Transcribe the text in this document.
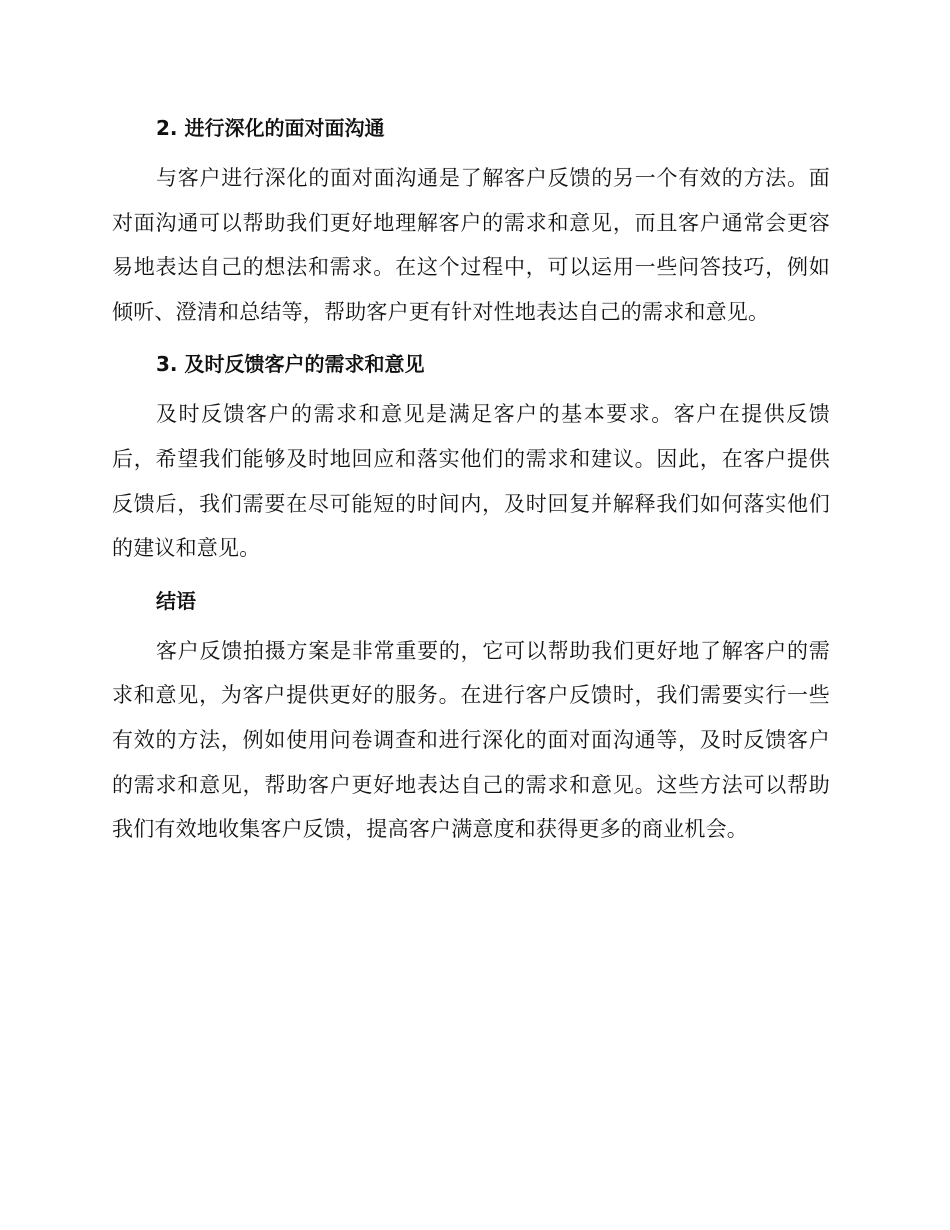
2. 进行深化的面对面沟通

与客户进行深化的面对面沟通是了解客户反馈的另一个有效的方法。面对面沟通可以帮助我们更好地理解客户的需求和意见，而且客户通常会更容易地表达自己的想法和需求。在这个过程中，可以运用一些问答技巧，例如倾听、澄清和总结等，帮助客户更有针对性地表达自己的需求和意见。

3. 及时反馈客户的需求和意见

及时反馈客户的需求和意见是满足客户的基本要求。客户在提供反馈后，希望我们能够及时地回应和落实他们的需求和建议。因此，在客户提供反馈后，我们需要在尽可能短的时间内，及时回复并解释我们如何落实他们的建议和意见。

结语

客户反馈拍摄方案是非常重要的，它可以帮助我们更好地了解客户的需求和意见，为客户提供更好的服务。在进行客户反馈时，我们需要实行一些有效的方法，例如使用问卷调查和进行深化的面对面沟通等，及时反馈客户的需求和意见，帮助客户更好地表达自己的需求和意见。这些方法可以帮助我们有效地收集客户反馈，提高客户满意度和获得更多的商业机会。
